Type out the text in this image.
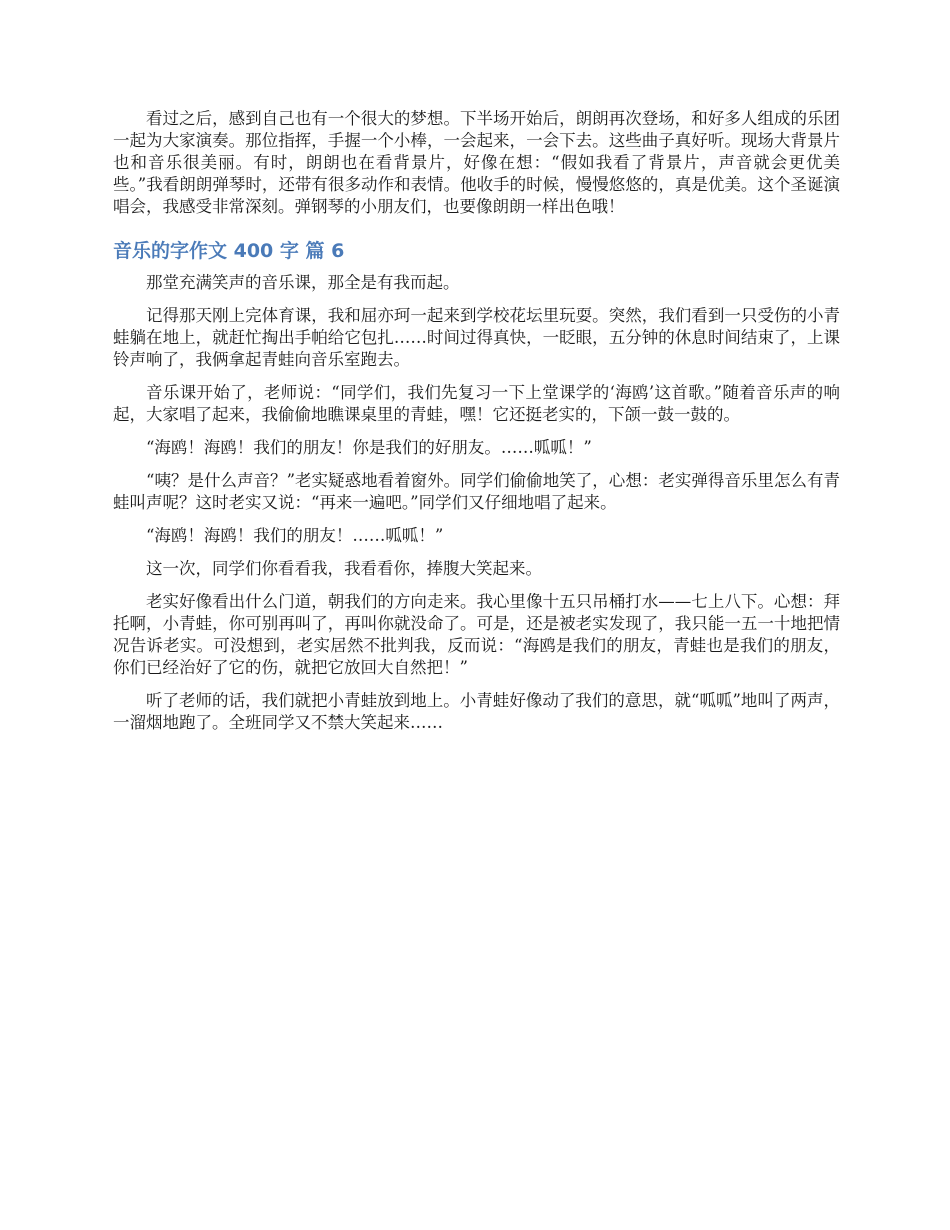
看过之后，感到自己也有一个很大的梦想。下半场开始后，朗朗再次登场，和好多人组成的乐团一起为大家演奏。那位指挥，手握一个小棒，一会起来，一会下去。这些曲子真好听。现场大背景片也和音乐很美丽。有时，朗朗也在看背景片，好像在想：“假如我看了背景片，声音就会更优美些。”我看朗朗弹琴时，还带有很多动作和表情。他收手的时候，慢慢悠悠的，真是优美。这个圣诞演唱会，我感受非常深刻。弹钢琴的小朋友们，也要像朗朗一样出色哦！

音乐的字作文 400 字 篇 6

那堂充满笑声的音乐课，那全是有我而起。

记得那天刚上完体育课，我和屈亦珂一起来到学校花坛里玩耍。突然，我们看到一只受伤的小青蛙躺在地上，就赶忙掏出手帕给它包扎……时间过得真快，一眨眼，五分钟的休息时间结束了，上课铃声响了，我俩拿起青蛙向音乐室跑去。

音乐课开始了，老师说：“同学们，我们先复习一下上堂课学的‘海鸥’这首歌。”随着音乐声的响起，大家唱了起来，我偷偷地瞧课桌里的青蛙，嘿！它还挺老实的，下颌一鼓一鼓的。

“海鸥！海鸥！我们的朋友！你是我们的好朋友。……呱呱！”

“咦？是什么声音？”老实疑惑地看着窗外。同学们偷偷地笑了，心想：老实弹得音乐里怎么有青蛙叫声呢？这时老实又说：“再来一遍吧。”同学们又仔细地唱了起来。

“海鸥！海鸥！我们的朋友！……呱呱！”

这一次，同学们你看看我，我看看你，捧腹大笑起来。

老实好像看出什么门道，朝我们的方向走来。我心里像十五只吊桶打水——七上八下。心想：拜托啊，小青蛙，你可别再叫了，再叫你就没命了。可是，还是被老实发现了，我只能一五一十地把情况告诉老实。可没想到，老实居然不批判我，反而说：“海鸥是我们的朋友，青蛙也是我们的朋友，你们已经治好了它的伤，就把它放回大自然把！”

听了老师的话，我们就把小青蛙放到地上。小青蛙好像动了我们的意思，就“呱呱”地叫了两声，一溜烟地跑了。全班同学又不禁大笑起来……
